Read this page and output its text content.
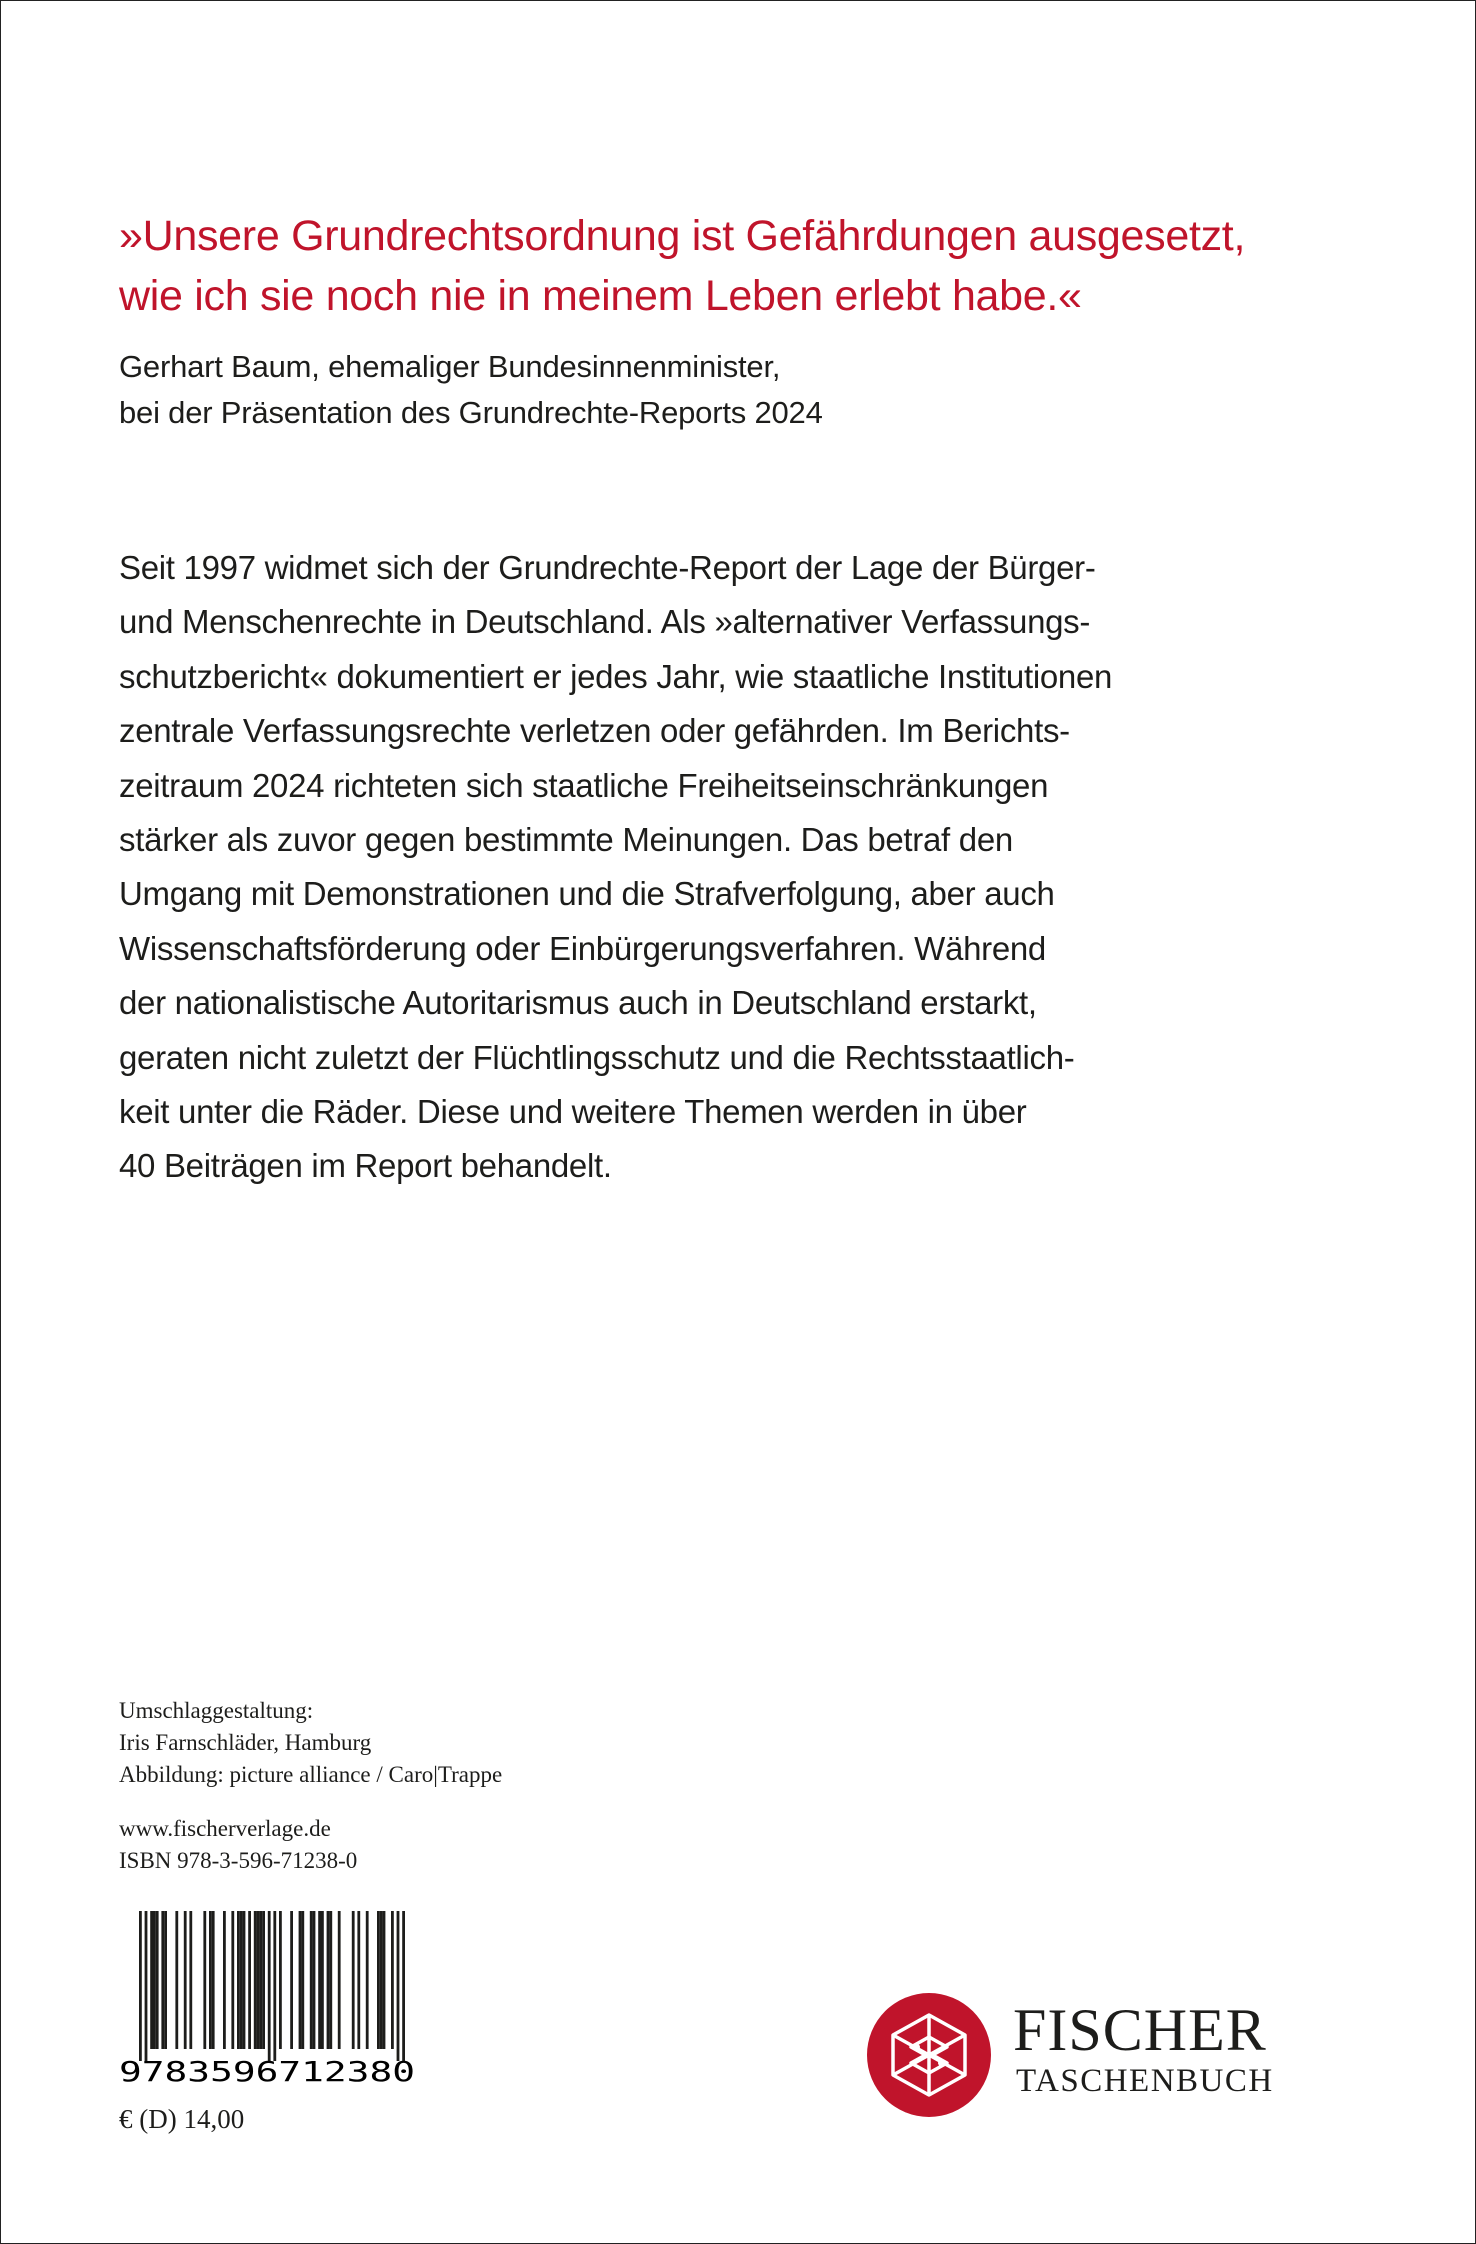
»Unsere Grundrechtsordnung ist Gefährdungen ausgesetzt,
wie ich sie noch nie in meinem Leben erlebt habe.«
Gerhart Baum, ehemaliger Bundesinnenminister,
bei der Präsentation des Grundrechte-Reports 2024
Seit 1997 widmet sich der Grundrechte-Report der Lage der Bürger-
und Menschenrechte in Deutschland. Als »alternativer Verfassungs-
schutzbericht« dokumentiert er jedes Jahr, wie staatliche Institutionen
zentrale Verfassungsrechte verletzen oder gefährden. Im Berichts-
zeitraum 2024 richteten sich staatliche Freiheitseinschränkungen
stärker als zuvor gegen bestimmte Meinungen. Das betraf den
Umgang mit Demonstrationen und die Strafverfolgung, aber auch
Wissenschaftsförderung oder Einbürgerungsverfahren. Während
der nationalistische Autoritarismus auch in Deutschland erstarkt,
geraten nicht zuletzt der Flüchtlingsschutz und die Rechtsstaatlich-
keit unter die Räder. Diese und weitere Themen werden in über
40 Beiträgen im Report behandelt.
Umschlaggestaltung:
Iris Farnschläder, Hamburg
Abbildung: picture alliance / Caro|Trappe
www.fischerverlage.de
ISBN 978-3-596-71238-0
9783596712380
€ (D) 14,00
FISCHER
TASCHENBUCH
